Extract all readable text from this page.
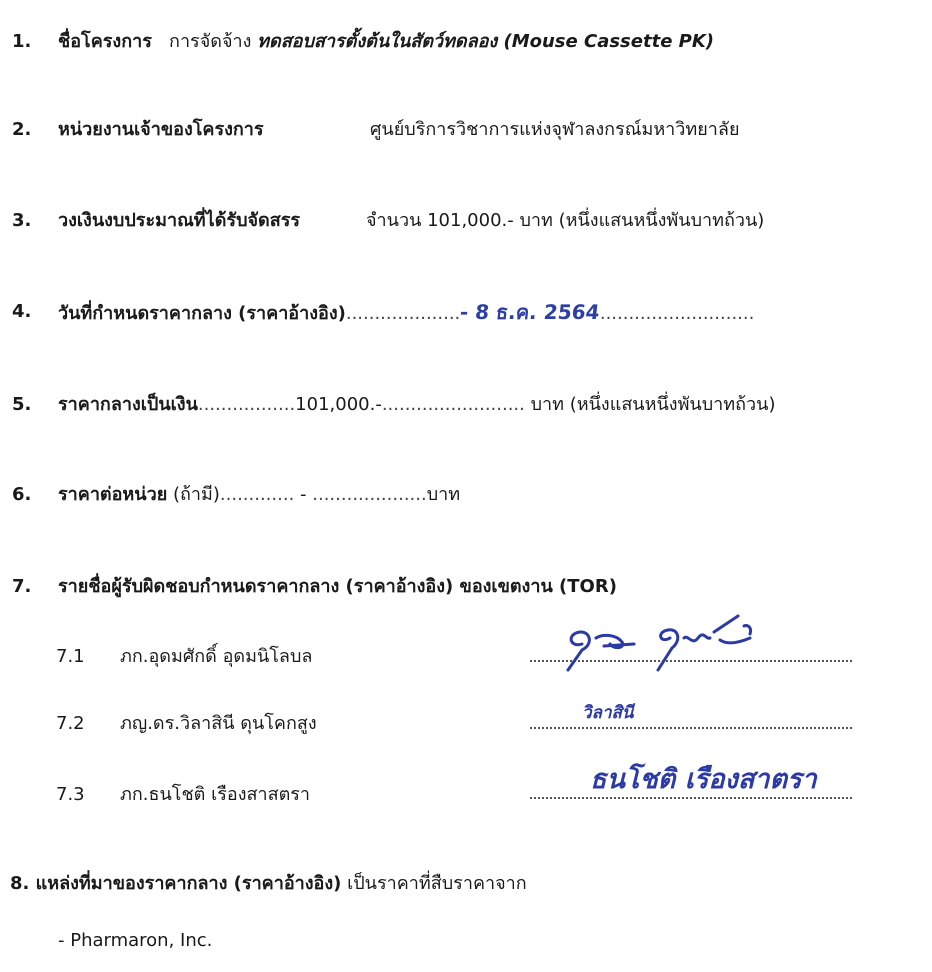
1. ชื่อโครงการ การจัดจ้าง ทดสอบสารตั้งต้นในสัตว์ทดลอง (Mouse Cassette PK)
2. หน่วยงานเจ้าของโครงการ	ศูนย์บริการวิชาการแห่งจุฬาลงกรณ์มหาวิทยาลัย
3. วงเงินงบประมาณที่ได้รับจัดสรร	จำนวน 101,000.- บาท (หนึ่งแสนหนึ่งพันบาทถ้วน)
4. วันที่กำหนดราคากลาง (ราคาอ้างอิง)....................- 8 ธ.ค. 2564...........................
5. ราคากลางเป็นเงิน.................101,000.-......................... บาท (หนึ่งแสนหนึ่งพันบาทถ้วน)
6. ราคาต่อหน่วย (ถ้ามี)............. - ....................บาท
7. รายชื่อผู้รับผิดชอบกำหนดราคากลาง (ราคาอ้างอิง) ของเขตงาน (TOR)
7.1 ภก.อุดมศักดิ์ อุดมนิโลบล
7.2 ภญ.ดร.วิลาสินี ดุนโคกสูง	วิลาสินี
7.3 ภก.ธนโชติ เรืองสาสตรา	ธนโชติ เรืองสาตรา
8. แหล่งที่มาของราคากลาง (ราคาอ้างอิง) เป็นราคาที่สืบราคาจาก
- Pharmaron, Inc.
